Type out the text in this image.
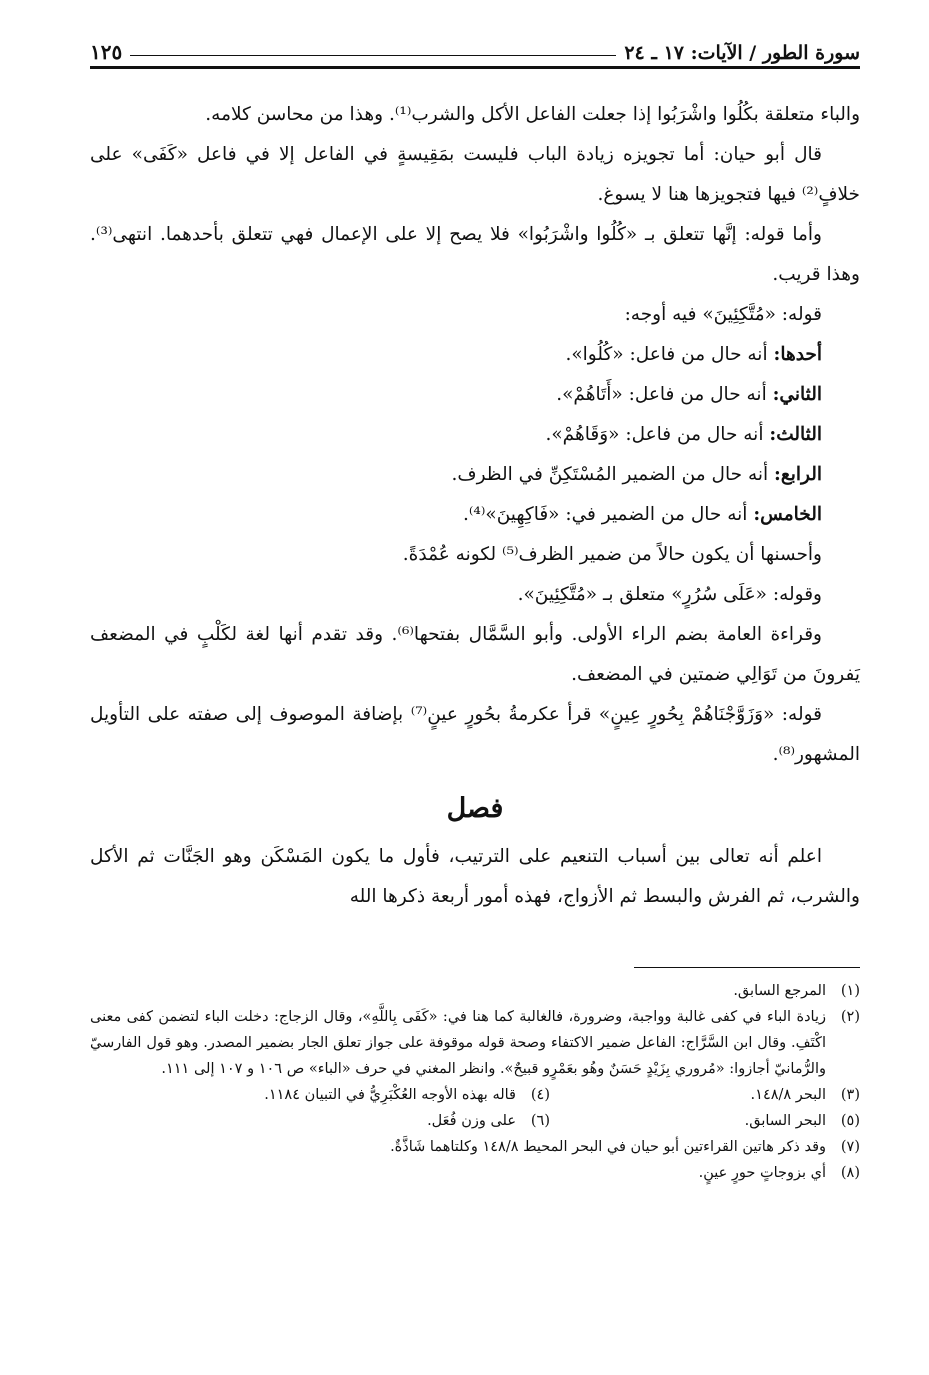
سورة الطور / الآيات: ١٧ ـ ٢٤
١٢٥

والباء متعلقة بكُلُوا واشْرَبُوا إذا جعلت الفاعل الأكل والشرب⁽¹⁾. وهذا من محاسن كلامه.

قال أبو حيان: أما تجويزه زيادة الباب فليست بمَقِيسةٍ في الفاعل إلا في فاعل «كَفَى» على خلافٍ⁽²⁾ فيها فتجويزها هنا لا يسوغ.

وأما قوله: إنَّها تتعلق بـ «كُلُوا واشْرَبُوا» فلا يصح إلا على الإعمال فهي تتعلق بأحدهما. انتهى⁽³⁾. وهذا قريب.

قوله: «مُتَّكِئِينَ» فيه أوجه:

أحدها: أنه حال من فاعل: «كُلُوا».

الثاني: أنه حال من فاعل: «أَتَاهُمْ».

الثالث: أنه حال من فاعل: «وَقَاهُمْ».

الرابع: أنه حال من الضمير المُسْتَكِنِّ في الظرف.

الخامس: أنه حال من الضمير في: «فَاكِهِينَ»⁽⁴⁾.

وأحسنها أن يكون حالاً من ضمير الظرف⁽⁵⁾ لكونه عُمْدَةً.

وقوله: «عَلَى سُرُرٍ» متعلق بـ «مُتَّكِئِينَ».

وقراءة العامة بضم الراء الأولى. وأبو السَّمَّال بفتحها⁽⁶⁾. وقد تقدم أنها لغة لكَلْبٍ في المضعف يَفرونَ من تَوَالِي ضمتين في المضعف.

قوله: «وَزَوَّجْنَاهُمْ بِحُورٍ عِينٍ» قرأ عكرمةُ بحُورٍ عينٍ⁽⁷⁾ بإضافة الموصوف إلى صفته على التأويل المشهور⁽⁸⁾.

فصل

اعلم أنه تعالى بين أسباب التنعيم على الترتيب، فأول ما يكون المَسْكَن وهو الجَنَّات ثم الأكل والشرب، ثم الفرش والبسط ثم الأزواج، فهذه أمور أربعة ذكرها الله

(١)
المرجع السابق.
(٢)
زيادة الباء في كفى غالبة وواجبة، وضرورة، فالغالبة كما هنا في: «كَفَى بِاللَّهِ»، وقال الزجاج: دخلت الباء لتضمن كفى معنى اكْتَفِ. وقال ابن السَّرَّاج: الفاعل ضمير الاكتفاء وصحة قوله موقوفة على جواز تعلق الجار بضمير المصدر. وهو قول الفارسيّ والرُّمانيّ أجازوا: «مُروري بِزَيْدٍ حَسَنٌ وهُو بعَمْرٍو قبيحٌ». وانظر المغني في حرف «الباء» ص ١٠٦ و ١٠٧ إلى ١١١.
(٣)
البحر ١٤٨/٨.
(٤)
قاله بهذه الأوجه العُكْبَرِيُّ في التبيان ١١٨٤.
(٥)
البحر السابق.
(٦)
على وزن فُعَل.
(٧)
وقد ذكر هاتين القراءتين أبو حيان في البحر المحيط ١٤٨/٨ وكلتاهما شَاذَّةٌ.
(٨)
أي بزوجاتٍ حورٍ عينٍ.
